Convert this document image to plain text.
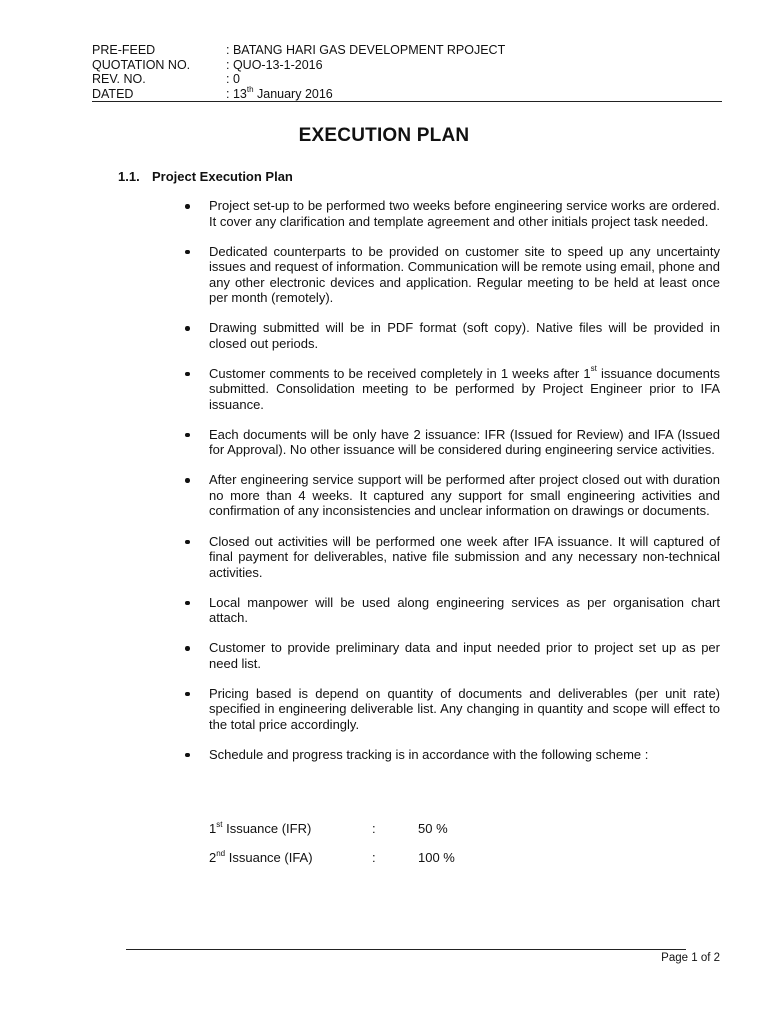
PRE-FEED	: BATANG HARI GAS DEVELOPMENT RPOJECT
QUOTATION NO.	: QUO-13-1-2016
REV. NO.	: 0
DATED	: 13th January 2016
EXECUTION PLAN
1.1. Project Execution Plan
Project set-up to be performed two weeks before engineering service works are ordered. It cover any clarification and template agreement and other initials project task needed.
Dedicated counterparts to be provided on customer site to speed up any uncertainty issues and request of information. Communication will be remote using email, phone and any other electronic devices and application. Regular meeting to be held at least once per month (remotely).
Drawing submitted will be in PDF format (soft copy). Native files will be provided in closed out periods.
Customer comments to be received completely in 1 weeks after 1st issuance documents submitted. Consolidation meeting to be performed by Project Engineer prior to IFA issuance.
Each documents will be only have 2 issuance: IFR (Issued for Review) and IFA (Issued for Approval). No other issuance will be considered during engineering service activities.
After engineering service support will be performed after project closed out with duration no more than 4 weeks. It captured any support for small engineering activities and confirmation of any inconsistencies and unclear information on drawings or documents.
Closed out activities will be performed one week after IFA issuance. It will captured of final payment for deliverables, native file submission and any necessary non-technical activities.
Local manpower will be used along engineering services as per organisation chart attach.
Customer to provide preliminary data and input needed prior to project set up as per need list.
Pricing based is depend on quantity of documents and deliverables (per unit rate) specified in engineering deliverable list. Any changing in quantity and scope will effect to the total price accordingly.
Schedule and progress tracking is in accordance with the following scheme :
1st Issuance (IFR)	:	50 %
2nd Issuance (IFA)	:	100 %
Page 1 of 2
